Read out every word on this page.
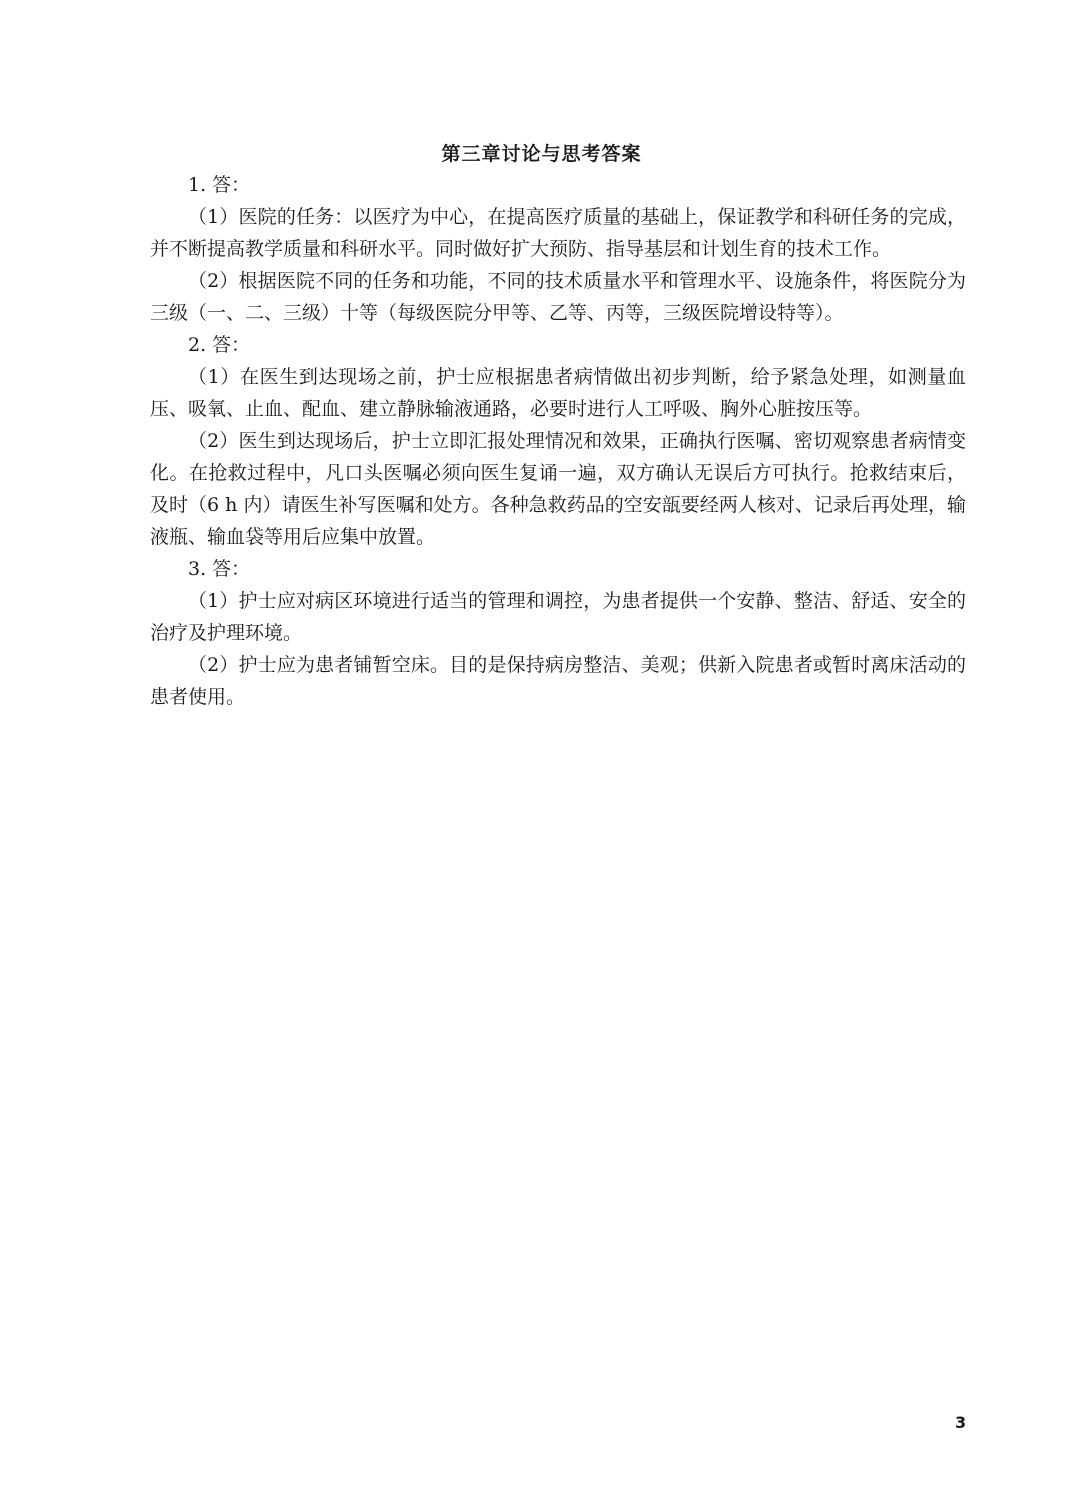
第三章讨论与思考答案

1. 答：

（1）医院的任务：以医疗为中心，在提高医疗质量的基础上，保证教学和科研任务的完成，并不断提高教学质量和科研水平。同时做好扩大预防、指导基层和计划生育的技术工作。

（2）根据医院不同的任务和功能，不同的技术质量水平和管理水平、设施条件，将医院分为三级（一、二、三级）十等（每级医院分甲等、乙等、丙等，三级医院增设特等）。

2. 答：

（1）在医生到达现场之前，护士应根据患者病情做出初步判断，给予紧急处理，如测量血压、吸氧、止血、配血、建立静脉输液通路，必要时进行人工呼吸、胸外心脏按压等。

（2）医生到达现场后，护士立即汇报处理情况和效果，正确执行医嘱、密切观察患者病情变化。在抢救过程中，凡口头医嘱必须向医生复诵一遍，双方确认无误后方可执行。抢救结束后，及时（6 h 内）请医生补写医嘱和处方。各种急救药品的空安瓿要经两人核对、记录后再处理，输液瓶、输血袋等用后应集中放置。

3. 答：

（1）护士应对病区环境进行适当的管理和调控，为患者提供一个安静、整洁、舒适、安全的治疗及护理环境。

（2）护士应为患者铺暂空床。目的是保持病房整洁、美观；供新入院患者或暂时离床活动的患者使用。

3
